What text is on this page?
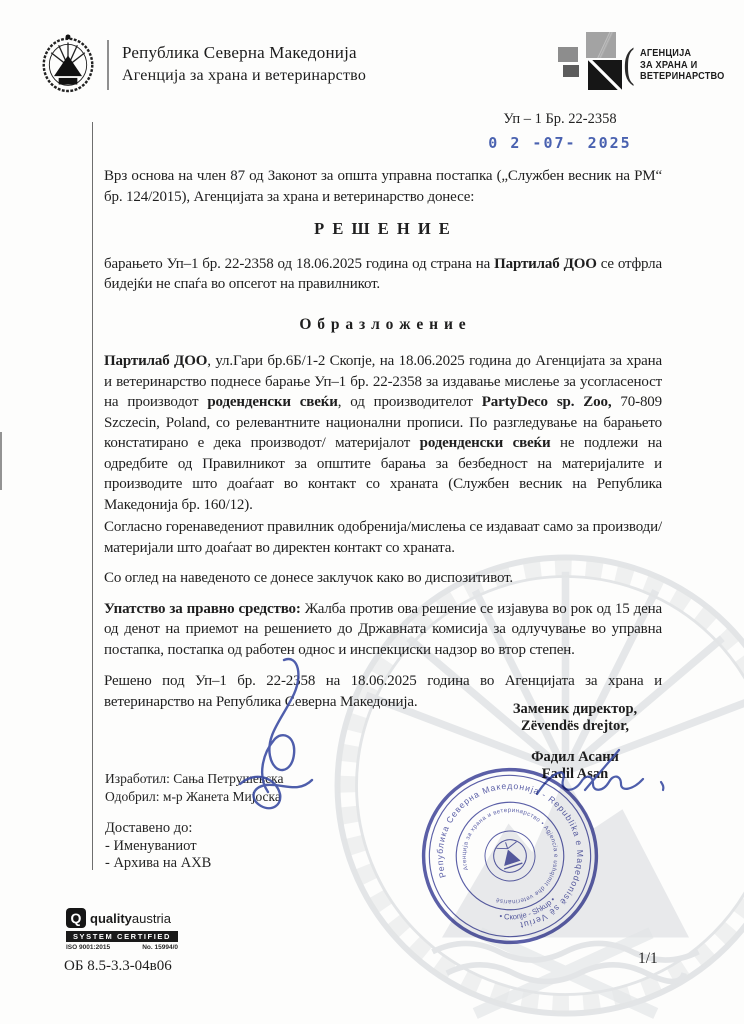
Република Северна Македонија
Агенција за храна и ветеринарство	( АГЕНЦИЈА
ЗА ХРАНА И
ВЕТЕРИНАРСТВО
Уп – 1 Бр. 22-2358
0 2 -07- 2025

Врз основа на член 87 од Законот за општа управна постапка („Службен весник на РМ“ бр. 124/2015), Агенцијата за храна и ветеринарство донесе:

Р Е Ш Е Н И Е

барањето Уп–1 бр. 22-2358 од 18.06.2025 година од страна на Партилаб ДОО се отфрла бидејќи не спаѓа во опсегот на правилникот.

О б р а з л о ж е н и е

Партилаб ДОО, ул.Гари бр.6Б/1-2 Скопје, на 18.06.2025 година до Агенцијата за храна и ветеринарство поднесе барање Уп–1 бр. 22-2358 за издавање мислење за усогласеност на производот роденденски свеќи, од производителот PartyDeco sp. Zoo, 70-809 Szczecin, Poland, со релевантните национални прописи. По разгледување на барањето констатирано е дека производот/ материјалот роденденски свеќи не подлежи на одредбите од Правилникот за општите барања за безбедност на материјалите и производите што доаѓаат во контакт со храната (Службен весник на Република Македонија бр. 160/12).

Согласно горенаведениот правилник одобренија/мислења се издаваат само за производи/материјали што доаѓаат во директен контакт со храната.

Со оглед на наведеното се донесе заклучок како во диспозитивот.

Упатство за правно средство: Жалба против ова решение се изјавува во рок од 15 дена од денот на приемот на решението до Државната комисија за одлучување во управна постапка, постапка од работен однос и инспекциски надзор во втор степен.

Решено под Уп–1 бр. 22-2358 на 18.06.2025 година во Агенцијата за храна и ветеринарство на Република Северна Македонија.	Заменик директор,
Zëvendës drejtor,
Фадил Асани
Fadil Asan
Изработил: Сања Петрушевска
Одобрил: м-р Жанета Мијоска
Доставено до:
- Именуваниот
- Архива на АХВ
Република Северна Македонија - Republika e Maqedonisë së Veriut
Агенција за храна и ветеринарство • Agjencia e ushqimit dhe veterinarisë
• Скопје - Shkup •
Q qualityaustria
SYSTEM CERTIFIED
ISO 9001:2015	No. 15994/0
ОБ 8.5-3.3-04в06	1/1
